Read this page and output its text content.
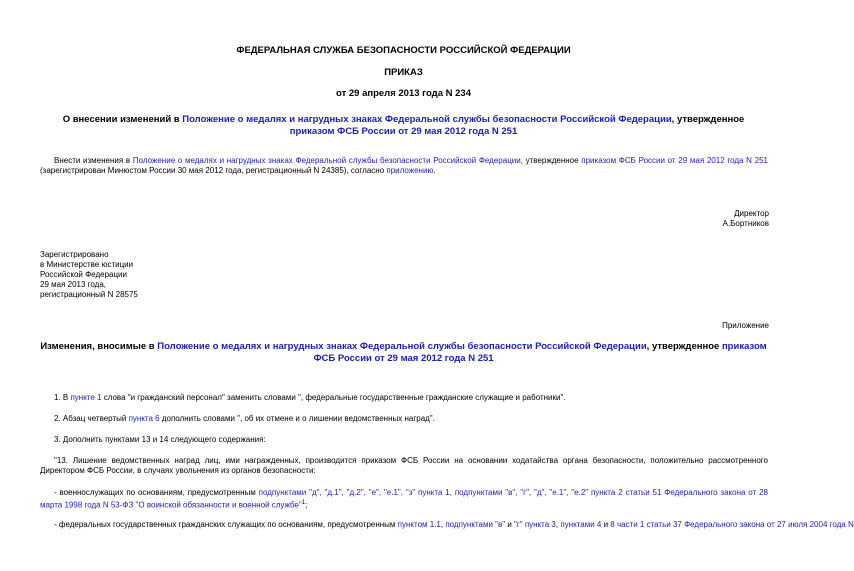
ФЕДЕРАЛЬНАЯ СЛУЖБА БЕЗОПАСНОСТИ РОССИЙСКОЙ ФЕДЕРАЦИИ
ПРИКАЗ
от 29 апреля 2013 года N 234
О внесении изменений в Положение о медалях и нагрудных знаках Федеральной службы безопасности Российской Федерации, утвержденное приказом ФСБ России от 29 мая 2012 года N 251
Внести изменения в Положение о медалях и нагрудных знаках Федеральной службы безопасности Российской Федерации, утвержденное приказом ФСБ России от 29 мая 2012 года N 251 (зарегистрирован Минюстом России 30 мая 2012 года, регистрационный N 24385), согласно приложению.
Директор
А.Бортников
Зарегистрировано
в Министерстве юстиции
Российской Федерации
29 мая 2013 года,
регистрационный N 28575
Приложение
Изменения, вносимые в Положение о медалях и нагрудных знаках Федеральной службы безопасности Российской Федерации, утвержденное приказом ФСБ России от 29 мая 2012 года N 251
1. В пункте 1 слова "и гражданский персонал" заменить словами ", федеральные государственные гражданские служащие и работники".
2. Абзац четвертый пункта 6 дополнить словами ", об их отмене и о лишении ведомственных наград".
3. Дополнить пунктами 13 и 14 следующего содержания:
"13. Лишение ведомственных наград лиц, ими награжденных, производится приказом ФСБ России на основании ходатайства органа безопасности, положительно рассмотренного Директором ФСБ России, в случаях увольнения из органов безопасности:
- военнослужащих по основаниям, предусмотренным подпунктами "д", "д.1", "д.2", "е", "е.1", "з" пункта 1, подпунктами "в", "г", "д", "е.1", "е.2" пункта 2 статьи 51 Федерального закона от 28 марта 1998 года N 53-ФЗ "О воинской обязанности и военной службе"$^1$;
- федеральных государственных гражданских служащих по основаниям, предусмотренным пунктом 1.1, подпунктами "в" и "г" пункта 3, пунктами 4 и 8 части 1 статьи 37 Федерального закона от 27 июля 2004 года N
